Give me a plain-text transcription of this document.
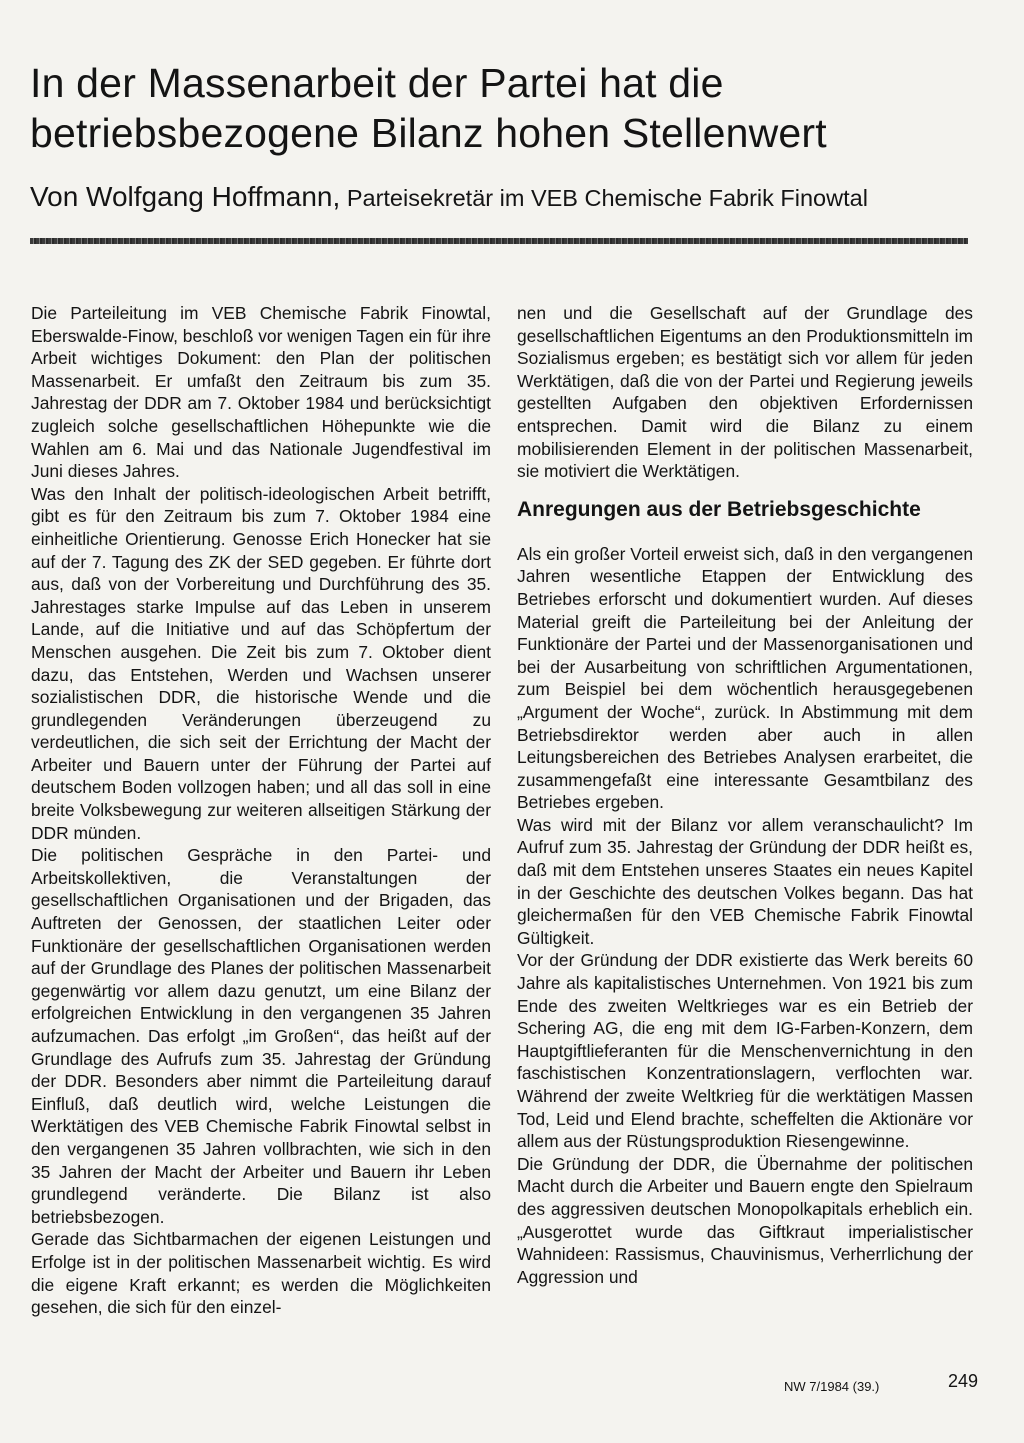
In der Massenarbeit der Partei hat die betriebsbezogene Bilanz hohen Stellenwert
Von Wolfgang Hoffmann, Parteisekretär im VEB Chemische Fabrik Finowtal

Die Parteileitung im VEB Chemische Fabrik Finowtal, Eberswalde-Finow, beschloß vor wenigen Tagen ein für ihre Arbeit wichtiges Dokument: den Plan der politischen Massenarbeit. Er umfaßt den Zeitraum bis zum 35. Jahrestag der DDR am 7. Oktober 1984 und berücksichtigt zugleich solche gesellschaftlichen Höhepunkte wie die Wahlen am 6. Mai und das Nationale Jugendfestival im Juni dieses Jahres.

Was den Inhalt der politisch-ideologischen Arbeit betrifft, gibt es für den Zeitraum bis zum 7. Oktober 1984 eine einheitliche Orientierung. Genosse Erich Honecker hat sie auf der 7. Tagung des ZK der SED gegeben. Er führte dort aus, daß von der Vorbereitung und Durchführung des 35. Jahrestages starke Impulse auf das Leben in unserem Lande, auf die Initiative und auf das Schöpfertum der Menschen ausgehen. Die Zeit bis zum 7. Oktober dient dazu, das Entstehen, Werden und Wachsen unserer sozialistischen DDR, die historische Wende und die grundlegenden Veränderungen überzeugend zu verdeutlichen, die sich seit der Errichtung der Macht der Arbeiter und Bauern unter der Führung der Partei auf deutschem Boden vollzogen haben; und all das soll in eine breite Volksbewegung zur weiteren allseitigen Stärkung der DDR münden.

Die politischen Gespräche in den Partei- und Arbeitskollektiven, die Veranstaltungen der gesellschaftlichen Organisationen und der Brigaden, das Auftreten der Genossen, der staatlichen Leiter oder Funktionäre der gesellschaftlichen Organisationen werden auf der Grundlage des Planes der politischen Massenarbeit gegenwärtig vor allem dazu genutzt, um eine Bilanz der erfolgreichen Entwicklung in den vergangenen 35 Jahren aufzumachen. Das erfolgt „im Großen“, das heißt auf der Grundlage des Aufrufs zum 35. Jahrestag der Gründung der DDR. Besonders aber nimmt die Parteileitung darauf Einfluß, daß deutlich wird, welche Leistungen die Werktätigen des VEB Chemische Fabrik Finowtal selbst in den vergangenen 35 Jahren vollbrachten, wie sich in den 35 Jahren der Macht der Arbeiter und Bauern ihr Leben grundlegend veränderte. Die Bilanz ist also betriebsbezogen.

Gerade das Sichtbarmachen der eigenen Leistungen und Erfolge ist in der politischen Massenarbeit wichtig. Es wird die eigene Kraft erkannt; es werden die Möglichkeiten gesehen, die sich für den einzel-

nen und die Gesellschaft auf der Grundlage des gesellschaftlichen Eigentums an den Produktionsmitteln im Sozialismus ergeben; es bestätigt sich vor allem für jeden Werktätigen, daß die von der Partei und Regierung jeweils gestellten Aufgaben den objektiven Erfordernissen entsprechen. Damit wird die Bilanz zu einem mobilisierenden Element in der politischen Massenarbeit, sie motiviert die Werktätigen.

Anregungen aus der Betriebsgeschichte

Als ein großer Vorteil erweist sich, daß in den vergangenen Jahren wesentliche Etappen der Entwicklung des Betriebes erforscht und dokumentiert wurden. Auf dieses Material greift die Parteileitung bei der Anleitung der Funktionäre der Partei und der Massenorganisationen und bei der Ausarbeitung von schriftlichen Argumentationen, zum Beispiel bei dem wöchentlich herausgegebenen „Argument der Woche“, zurück. In Abstimmung mit dem Betriebsdirektor werden aber auch in allen Leitungsbereichen des Betriebes Analysen erarbeitet, die zusammengefaßt eine interessante Gesamtbilanz des Betriebes ergeben.

Was wird mit der Bilanz vor allem veranschaulicht? Im Aufruf zum 35. Jahrestag der Gründung der DDR heißt es, daß mit dem Entstehen unseres Staates ein neues Kapitel in der Geschichte des deutschen Volkes begann. Das hat gleichermaßen für den VEB Chemische Fabrik Finowtal Gültigkeit.

Vor der Gründung der DDR existierte das Werk bereits 60 Jahre als kapitalistisches Unternehmen. Von 1921 bis zum Ende des zweiten Weltkrieges war es ein Betrieb der Schering AG, die eng mit dem IG-Farben-Konzern, dem Hauptgiftlieferanten für die Menschenvernichtung in den faschistischen Konzentrationslagern, verflochten war. Während der zweite Weltkrieg für die werktätigen Massen Tod, Leid und Elend brachte, scheffelten die Aktionäre vor allem aus der Rüstungsproduktion Riesengewinne.

Die Gründung der DDR, die Übernahme der politischen Macht durch die Arbeiter und Bauern engte den Spielraum des aggressiven deutschen Monopolkapitals erheblich ein. „Ausgerottet wurde das Giftkraut imperialistischer Wahnideen: Rassismus, Chauvinismus, Verherrlichung der Aggression und

NW 7/1984 (39.)	249
